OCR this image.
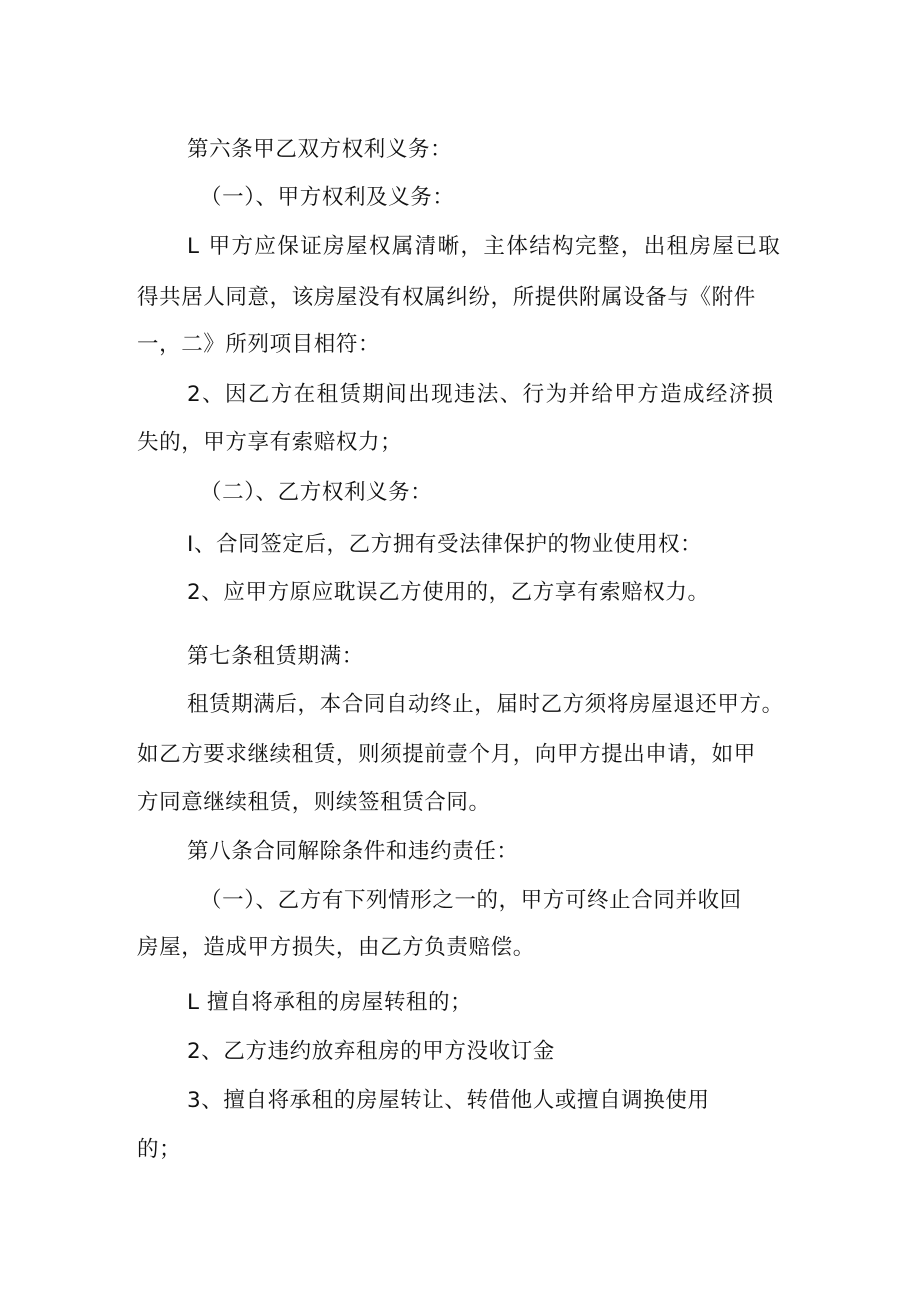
第六条甲乙双方权利义务：

（一）、甲方权利及义务：

L 甲方应保证房屋权属清晰，主体结构完整，出租房屋已取

得共居人同意，该房屋没有权属纠纷，所提供附属设备与《附件

一，二》所列项目相符：

2、因乙方在租赁期间出现违法、行为并给甲方造成经济损

失的，甲方享有索赔权力；

（二）、乙方权利义务：

I、合同签定后，乙方拥有受法律保护的物业使用权：

2、应甲方原应耽误乙方使用的，乙方享有索赔权力。

第七条租赁期满：

租赁期满后，本合同自动终止，届时乙方须将房屋退还甲方。

如乙方要求继续租赁，则须提前壹个月，向甲方提出申请，如甲

方同意继续租赁，则续签租赁合同。

第八条合同解除条件和违约责任：

（一）、乙方有下列情形之一的，甲方可终止合同并收回

房屋，造成甲方损失，由乙方负责赔偿。

L 擅自将承租的房屋转租的；

2、乙方违约放弃租房的甲方没收订金

3、擅自将承租的房屋转让、转借他人或擅自调换使用

的；
